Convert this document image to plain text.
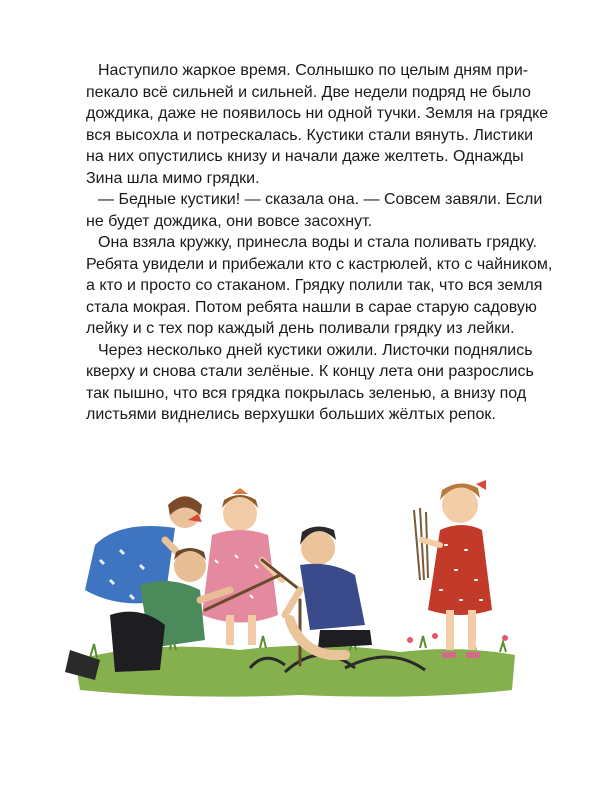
Наступило жаркое время. Солнышко по целым дням при-
пекало всё сильней и сильней. Две недели подряд не было
дождика, даже не появилось ни одной тучки. Земля на грядке
вся высохла и потрескалась. Кустики стали вянуть. Листики
на них опустились книзу и начали даже желтеть. Однажды
Зина шла мимо грядки.
— Бедные кустики! — сказала она. — Совсем завяли. Если
не будет дождика, они вовсе засохнут.
Она взяла кружку, принесла воды и стала поливать грядку.
Ребята увидели и прибежали кто с кастрюлей, кто с чайником,
а кто и просто со стаканом. Грядку полили так, что вся земля
стала мокрая. Потом ребята нашли в сарае старую садовую
лейку и с тех пор каждый день поливали грядку из лейки.
Через несколько дней кустики ожили. Листочки поднялись
кверху и снова стали зелёные. К концу лета они разрослись
так пышно, что вся грядка покрылась зеленью, а внизу под
листьями виднелись верхушки больших жёлтых репок.
